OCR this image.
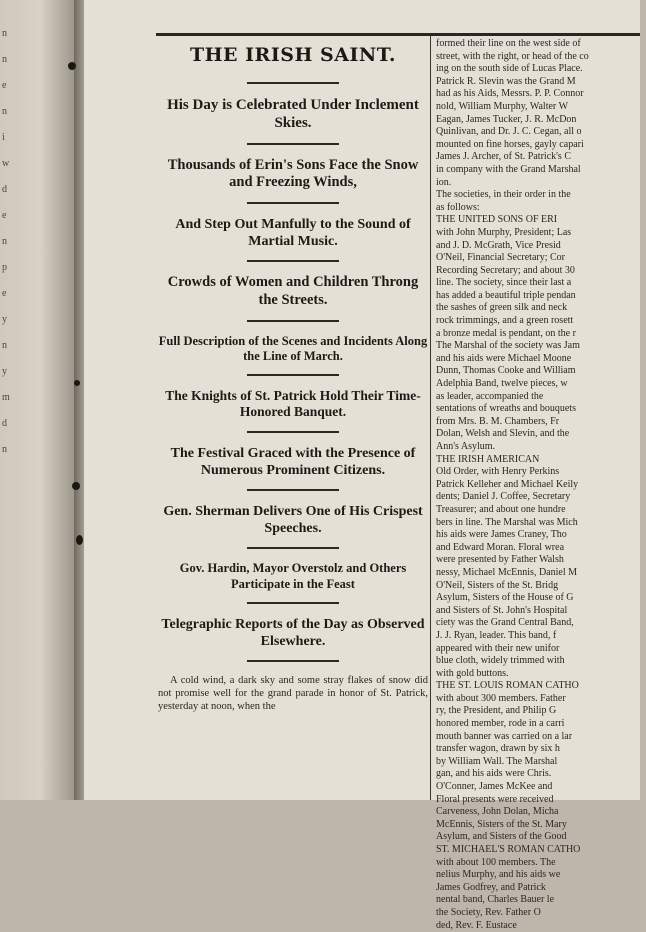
n
n
e
n
i
w
d
e
n
p
e
y
n
y
m
d
n
THE IRISH SAINT.
His Day is Celebrated Under Inclement Skies.
Thousands of Erin's Sons Face the Snow and Freezing Winds,
And Step Out Manfully to the Sound of Martial Music.
Crowds of Women and Children Throng the Streets.
Full Description of the Scenes and Incidents Along the Line of March.
The Knights of St. Patrick Hold Their Time-Honored Banquet.
The Festival Graced with the Presence of Numerous Prominent Citizens.
Gen. Sherman Delivers One of His Crispest Speeches.
Gov. Hardin, Mayor Overstolz and Others Participate in the Feast
Telegraphic Reports of the Day as Observed Elsewhere.
A cold wind, a dark sky and some stray flakes of snow did not promise well for the grand parade in honor of St. Patrick, yesterday at noon, when the
formed their line on the west side of
street, with the right, or head of the co
ing on the south side of Lucas Place.
Patrick R. Slevin was the Grand M
had as his Aids, Messrs. P. P. Connor
nold, William Murphy, Walter W
Eagan, James Tucker, J. R. McDon
Quinlivan, and Dr. J. C. Cegan, all o
mounted on fine horses, gayly capari
James J. Archer, of St. Patrick's C
in company with the Grand Marshal
ion.
The societies, in their order in the
as follows:
THE UNITED SONS OF ERI
with John Murphy, President; Las
and J. D. McGrath, Vice Presid
O'Neil, Financial Secretary; Cor
Recording Secretary; and about 30
line. The society, since their last a
has added a beautiful triple pendan
the sashes of green silk and neck
rock trimmings, and a green rosett
a bronze medal is pendant, on the r
The Marshal of the society was Jam
and his aids were Michael Moone
Dunn, Thomas Cooke and William
Adelphia Band, twelve pieces, w
as leader, accompanied the
sentations of wreaths and bouquets
from Mrs. B. M. Chambers, Fr
Dolan, Welsh and Slevin, and the
Ann's Asylum.
THE IRISH AMERICAN
Old Order, with Henry Perkins
Patrick Kelleher and Michael Keily
dents; Daniel J. Coffee, Secretary
Treasurer; and about one hundre
bers in line. The Marshal was Mich
his aids were James Craney, Tho
and Edward Moran. Floral wrea
were presented by Father Walsh
nessy, Michael McEnnis, Daniel M
O'Neil, Sisters of the St. Bridg
Asylum, Sisters of the House of G
and Sisters of St. John's Hospital
ciety was the Grand Central Band,
J. J. Ryan, leader. This band, f
appeared with their new unifor
blue cloth, widely trimmed with
with gold buttons.
THE ST. LOUIS ROMAN CATHO
with about 300 members. Father
ry, the President, and Philip G
honored member, rode in a carri
mouth banner was carried on a lar
transfer wagon, drawn by six h
by William Wall. The Marshal
gan, and his aids were Chris.
O'Conner, James McKee and
Floral presents were received
Carveness, John Dolan, Micha
McEnnis, Sisters of the St. Mary
Asylum, and Sisters of the Good
ST. MICHAEL'S ROMAN CATHO
with about 100 members. The
nelius Murphy, and his aids we
James Godfrey, and Patrick
nental band, Charles Bauer le
the Society, Rev. Father O
ded, Rev. F. Eustace
